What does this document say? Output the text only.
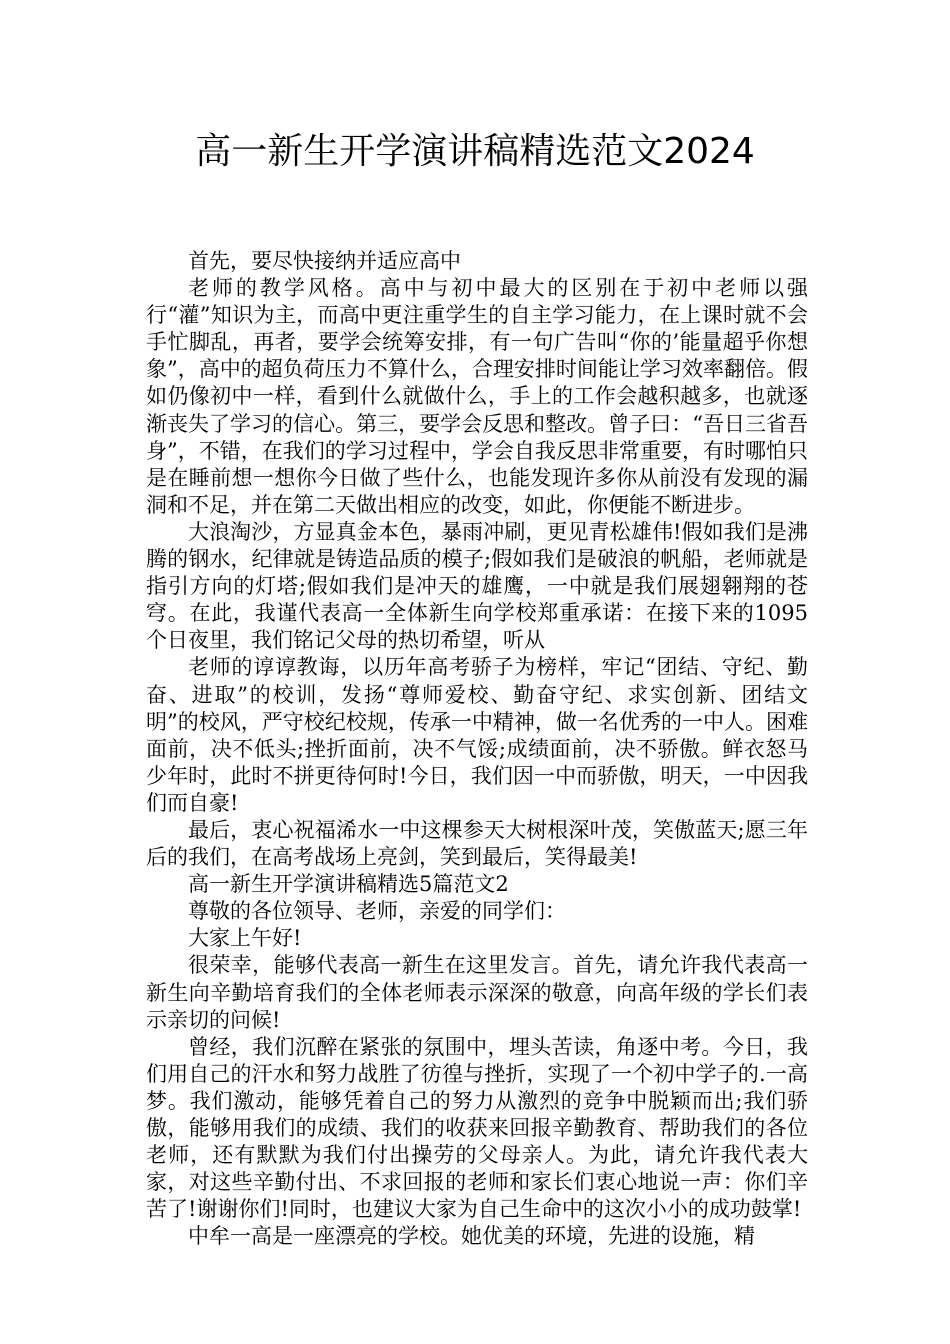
高一新生开学演讲稿精选范文2024

首先，要尽快接纳并适应高中

老师的教学风格。高中与初中最大的区别在于初中老师以强行“灌”知识为主，而高中更注重学生的自主学习能力，在上课时就不会手忙脚乱，再者，要学会统筹安排，有一句广告叫“你的’能量超乎你想象”，高中的超负荷压力不算什么，合理安排时间能让学习效率翻倍。假如仍像初中一样，看到什么就做什么，手上的工作会越积越多，也就逐渐丧失了学习的信心。第三，要学会反思和整改。曾子曰：“吾日三省吾身”，不错，在我们的学习过程中，学会自我反思非常重要，有时哪怕只是在睡前想一想你今日做了些什么，也能发现许多你从前没有发现的漏洞和不足，并在第二天做出相应的改变，如此，你便能不断进步。

大浪淘沙，方显真金本色，暴雨冲刷，更见青松雄伟!假如我们是沸腾的钢水，纪律就是铸造品质的模子;假如我们是破浪的帆船，老师就是指引方向的灯塔;假如我们是冲天的雄鹰，一中就是我们展翅翱翔的苍穹。在此，我谨代表高一全体新生向学校郑重承诺：在接下来的1095个日夜里，我们铭记父母的热切希望，听从

老师的谆谆教诲，以历年高考骄子为榜样，牢记“团结、守纪、勤奋、进取”的校训，发扬“尊师爱校、勤奋守纪、求实创新、团结文明”的校风，严守校纪校规，传承一中精神，做一名优秀的一中人。困难面前，决不低头;挫折面前，决不气馁;成绩面前，决不骄傲。鲜衣怒马少年时，此时不拼更待何时!今日，我们因一中而骄傲，明天，一中因我们而自豪!

最后，衷心祝福浠水一中这棵参天大树根深叶茂，笑傲蓝天;愿三年后的我们，在高考战场上亮剑，笑到最后，笑得最美!

高一新生开学演讲稿精选5篇范文2

尊敬的各位领导、老师，亲爱的同学们：

大家上午好!

很荣幸，能够代表高一新生在这里发言。首先，请允许我代表高一新生向辛勤培育我们的全体老师表示深深的敬意，向高年级的学长们表示亲切的问候!

曾经，我们沉醉在紧张的氛围中，埋头苦读，角逐中考。今日，我们用自己的汗水和努力战胜了彷徨与挫折，实现了一个初中学子的.一高梦。我们激动，能够凭着自己的努力从激烈的竞争中脱颖而出;我们骄傲，能够用我们的成绩、我们的收获来回报辛勤教育、帮助我们的各位老师，还有默默为我们付出操劳的父母亲人。为此，请允许我代表大家，对这些辛勤付出、不求回报的老师和家长们衷心地说一声：你们辛苦了!谢谢你们!同时，也建议大家为自己生命中的这次小小的成功鼓掌!

中牟一高是一座漂亮的学校。她优美的环境，先进的设施，精
